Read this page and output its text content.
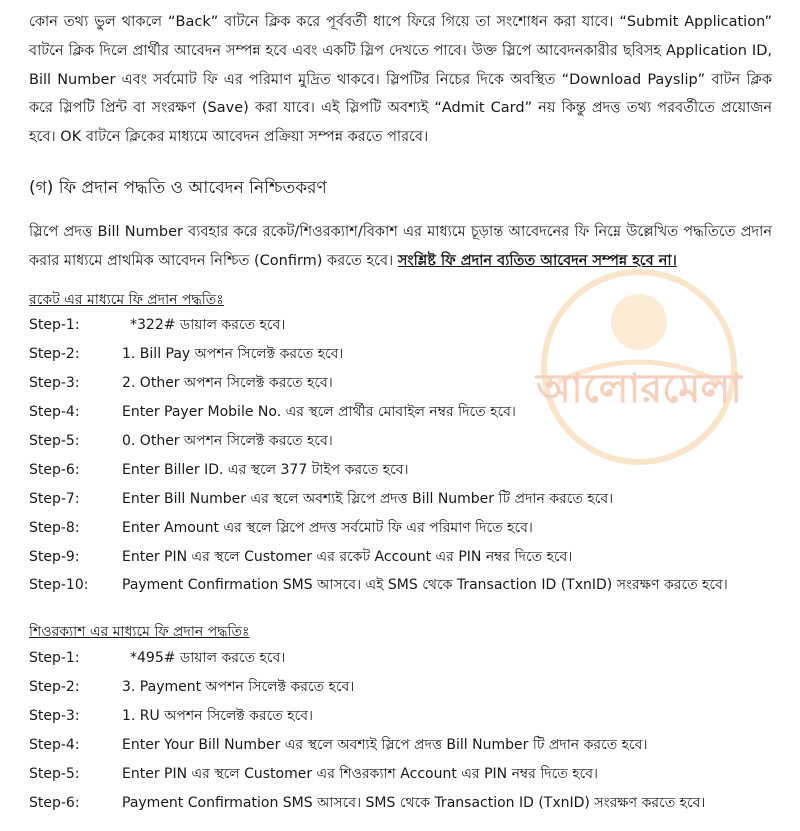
আলোরমেলা
কোন তথ্য ভুল থাকলে “Back” বাটনে ক্লিক করে পূর্ববর্তী ধাপে ফিরে গিয়ে তা সংশোধন করা যাবে। “Submit Application” বাটনে ক্লিক দিলে প্রার্থীর আবেদন সম্পন্ন হবে এবং একটি স্লিপ দেখতে পাবে। উক্ত স্লিপে আবেদনকারীর ছবিসহ Application ID, Bill Number এবং সর্বমোট ফি এর পরিমাণ মুদ্রিত থাকবে। স্লিপটির নিচের দিকে অবস্থিত “Download Payslip” বাটন ক্লিক করে স্লিপটি প্রিন্ট বা সংরক্ষণ (Save) করা যাবে। এই স্লিপটি অবশ্যই “Admit Card” নয় কিন্তু প্রদত্ত তথ্য পরবর্তীতে প্রয়োজন হবে। OK বাটনে ক্লিকের মাধ্যমে আবেদন প্রক্রিয়া সম্পন্ন করতে পারবে।
(গ) ফি প্রদান পদ্ধতি ও আবেদন নিশ্চিতকরণ
স্লিপে প্রদত্ত Bill Number ব্যবহার করে রকেট/শিওরক্যাশ/বিকাশ এর মাধ্যমে চূড়ান্ত আবেদনের ফি নিম্নে উল্লেখিত পদ্ধতিতে প্রদান করার মাধ্যমে প্রাথমিক আবেদন নিশ্চিত (Confirm) করতে হবে। সংশ্লিষ্ট ফি প্রদান ব্যতিত আবেদন সম্পন্ন হবে না।
রকেট এর মাধ্যমে ফি প্রদান পদ্ধতিঃ
Step-1:	*322# ডায়াল করতে হবে।
Step-2:	1. Bill Pay অপশন সিলেক্ট করতে হবে।
Step-3:	2. Other অপশন সিলেক্ট করতে হবে।
Step-4:	Enter Payer Mobile No. এর স্থলে প্রার্থীর মোবাইল নম্বর দিতে হবে।
Step-5:	0. Other অপশন সিলেক্ট করতে হবে।
Step-6:	Enter Biller ID. এর স্থলে 377 টাইপ করতে হবে।
Step-7:	Enter Bill Number এর স্থলে অবশ্যই স্লিপে প্রদত্ত Bill Number টি প্রদান করতে হবে।
Step-8:	Enter Amount এর স্থলে স্লিপে প্রদত্ত সর্বমোট ফি এর পরিমাণ দিতে হবে।
Step-9:	Enter PIN এর স্থলে Customer এর রকেট Account এর PIN নম্বর দিতে হবে।
Step-10:	Payment Confirmation SMS আসবে। এই SMS থেকে Transaction ID (TxnID) সংরক্ষণ করতে হবে।
শিওরক্যাশ এর মাধ্যমে ফি প্রদান পদ্ধতিঃ
Step-1:	*495# ডায়াল করতে হবে।
Step-2:	3. Payment অপশন সিলেক্ট করতে হবে।
Step-3:	1. RU অপশন সিলেক্ট করতে হবে।
Step-4:	Enter Your Bill Number এর স্থলে অবশ্যই স্লিপে প্রদত্ত Bill Number টি প্রদান করতে হবে।
Step-5:	Enter PIN এর স্থলে Customer এর শিওরক্যাশ Account এর PIN নম্বর দিতে হবে।
Step-6:	Payment Confirmation SMS আসবে। SMS থেকে Transaction ID (TxnID) সংরক্ষণ করতে হবে।
